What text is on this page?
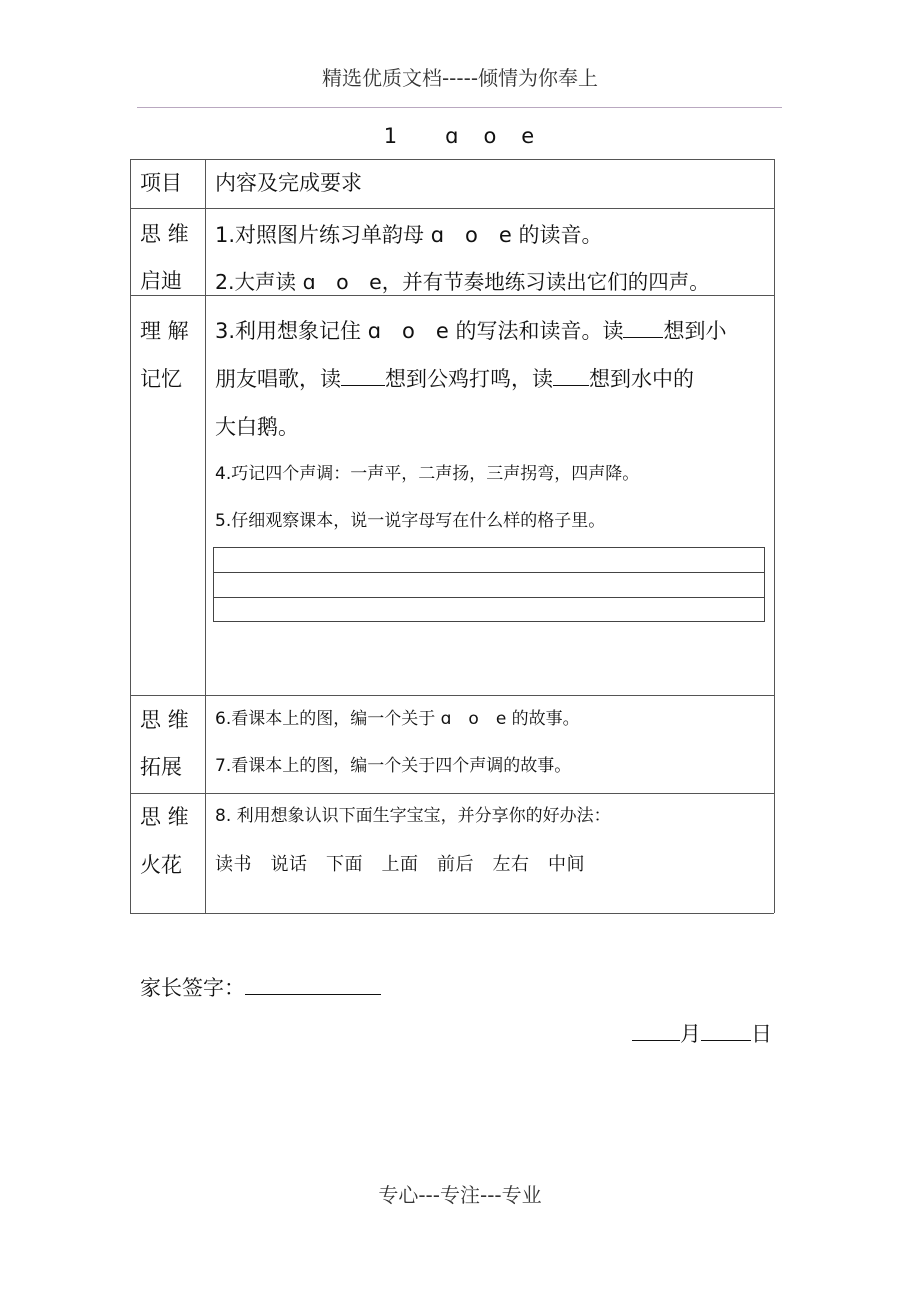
精选优质文档-----倾情为你奉上
1　　ɑ　o　e
项目 内容及完成要求
思 维
启迪
1.对照图片练习单韵母 ɑ　o　e 的读音。
2.大声读 ɑ　o　e，并有节奏地练习读出它们的四声。
理 解
记忆
3.利用想象记住 ɑ　o　e 的写法和读音。读 想到小
朋友唱歌，读 想到公鸡打鸣，读 想到水中的
大白鹅。
4.巧记四个声调：一声平，二声扬，三声拐弯，四声降。
5.仔细观察课本，说一说字母写在什么样的格子里。
思 维
拓展
6.看课本上的图，编一个关于 ɑ　o　e 的故事。
7.看课本上的图，编一个关于四个声调的故事。
思 维
火花
8. 利用想象认识下面生字宝宝，并分享你的好办法：
读书　说话　下面　上面　前后　左右　中间
家长签字：
月 日
专心---专注---专业
